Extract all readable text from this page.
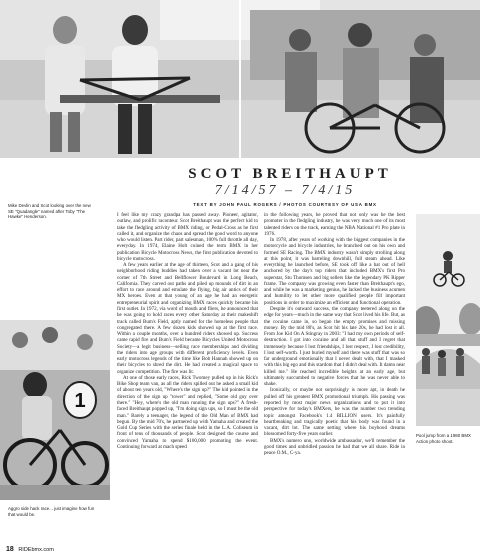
Mike Devlin and Scot looking over the new SE "Quadangle" named after Toby "The Hawke" Henderson.
SCOT BREITHAUPT
7/14/57 – 7/4/15
TEXT BY JOHN PAUL ROGERS / PHOTOS COURTESY OF USA BMX
1
Aggro side hack race... just imagine how fun that would be.
Pool jump from a 1980 BMX Action photo shoot.

I feel like my crazy grandpa has passed away. Pioneer, agitator, outlaw, and prolific raconteur. Scot Breithaupt was the perfect kid to take the fledgling activity of BMX riding, or Pedal-Cross as he first called it, and organize the chaos and spread the good word to anyone who would listen. Part rider, part salesman, 100% full throttle all day, everyday. In 1974, Elaine Holt coined the term BMX in her publication Bicycle Motocross News, the first publication devoted to bicycle motocross.

A few years earlier at the age of thirteen, Scot and a gang of his neighborhood riding buddies had taken over a vacant lot near the corner of 7th Street and Bellflower Boulevard in Long Beach, California. They carved out paths and piled up mounds of dirt in an effort to race around and emulate the flying, big air antics of their MX heroes. Even at that young of an age he had an energetic entrepreneurial spirit and organizing BMX races quickly became his first outlet. In 1972, via word of mouth and fliers, he announced that he was going to hold races every other Saturday at their makeshift track called Bum's Field, aptly named for the homeless people that congregated there. A few dozen kids showed up at the first race. Within a couple months, over a hundred riders showed up. Success came rapid fire and Bum's Field became Bicycles United Motocross Society—a legit business—selling race memberships and dividing the riders into age groups with different proficiency levels. Even early motocross legends of the time like Bob Hannah showed up on their bicycles to shred the dirt. He had created a magical space to organize competition. The fire was lit.

At one of those early races, Rick Twomey pulled up in his Rick's Bike Shop team van, as all the riders spilled out he asked a small kid of about ten years old, "Where's the sign up?" The kid pointed in the direction of the sign up "tower" and replied, "Some old guy over there." "Hey, where's the old man running the sign ups?" A fresh-faced Breithaupt popped up, "I'm doing sign ups, so I must be the old man." Barely a teenager, the legend of the Old Man of BMX had begun. By the mid 70's, he partnered up with Yamaha and created the Gold Cup Series with the series finale held in the L.A. Coliseum in front of tens of thousands of people. Scot designed the course and convinced Yamaha to spend $100,000 promoting the event. Continuing forward at mach speed

in the following years, he proved that not only was he the best promoter in the fledgling industry, he was very much one of its most talented riders on the track, earning the NBA National #1 Pro plate in 1976.

In 1978, after years of working with the biggest companies in the motorcycle and bicycle industries, he branched out on his own and formed SE Racing. The BMX industry wasn't simply strolling along at this point, it was barreling downhill, full steam ahead. Like everything he launched before, SE took off like a bat out of hell anchored by the day's top riders that included BMX's first Pro superstar, Stu Thomsen and big sellers like the legendary PK Ripper frame. The company was growing even faster than Breithaupt's ego, and while he was a marketing genius, he lacked the business acumen and humility to let other more qualified people fill important positions in order to maximize an efficient and functional operation.

Despite it's outward success, the company teetered along on the edge for years—much in the same way that Scot lived his life. But, as the cocaine came in, so began the empty promises and missing money. By the mid 80's, as Scot hit his late 20s, he had lost it all. From Joe Kid On A Stingray in 2003: "I had my own periods of self-destruction. I got into cocaine and all that stuff and I regret that immensely because I lost friendships, I lost respect, I lost credibility, I lost self-worth. I just buried myself and there was stuff that was so far underground emotionally that I never dealt with, that I masked with this big ego and this stardom that I didn't deal with. It damn near killed me." He reached incredible heights at an early age, but ultimately succumbed to negative forces that he was never able to shake.

Ironically, or maybe not surprisingly is more apt, in death he pulled off his greatest BMX promotional triumph. His passing was reported by most major news organizations and to put it into perspective for today's BMXers, he was the number two trending topic amongst Facebook's 1.4 BILLION users. It's painfully heartbreaking and tragically poetic that his body was found in a vacant, dirt lot. The same setting where his boyhood dreams blossomed forty-five years earlier.

BMX's numero uno, worldwide ambassador, we'll remember the good times and unbridled passion he had that we all share. Ride in peace O.M., C-ya.

18 RIDEbmx.com
